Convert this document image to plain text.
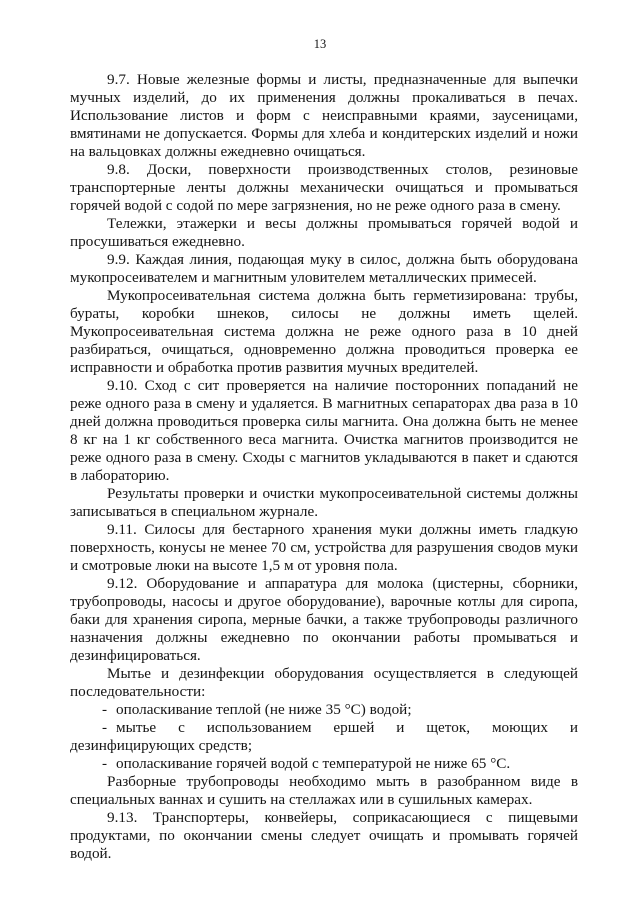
13

9.7. Новые железные формы и листы, предназначенные для выпечки мучных изделий, до их применения должны прокаливаться в печах. Использование листов и форм с неисправными краями, заусеницами, вмятинами не допускается. Формы для хлеба и кондитерских изделий и ножи на вальцовках должны ежедневно очищаться.

9.8. Доски, поверхности производственных столов, резиновые транспортерные ленты должны механически очищаться и промываться горячей водой с содой по мере загрязнения, но не реже одного раза в смену.

Тележки, этажерки и весы должны промываться горячей водой и просушиваться ежедневно.

9.9. Каждая линия, подающая муку в силос, должна быть оборудована мукопросеивателем и магнитным уловителем металлических примесей.

Мукопросеивательная система должна быть герметизирована: трубы, бураты, коробки шнеков, силосы не должны иметь щелей. Мукопросеивательная система должна не реже одного раза в 10 дней разбираться, очищаться, одновременно должна проводиться проверка ее исправности и обработка против развития мучных вредителей.

9.10. Сход с сит проверяется на наличие посторонних попаданий не реже одного раза в смену и удаляется. В магнитных сепараторах два раза в 10 дней должна проводиться проверка силы магнита. Она должна быть не менее 8 кг на 1 кг собственного веса магнита. Очистка магнитов производится не реже одного раза в смену. Сходы с магнитов укладываются в пакет и сдаются в лабораторию.

Результаты проверки и очистки мукопросеивательной системы должны записываться в специальном журнале.

9.11. Силосы для бестарного хранения муки должны иметь гладкую поверхность, конусы не менее 70 см, устройства для разрушения сводов муки и смотровые люки на высоте 1,5 м от уровня пола.

9.12. Оборудование и аппаратура для молока (цистерны, сборники, трубопроводы, насосы и другое оборудование), варочные котлы для сиропа, баки для хранения сиропа, мерные бачки, а также трубопроводы различного назначения должны ежедневно по окончании работы промываться и дезинфицироваться.

Мытье и дезинфекции оборудования осуществляется в следующей последовательности:

- ополаскивание теплой (не ниже 35 °С) водой;

- мытье с использованием ершей и щеток, моющих и дезинфицирующих средств;

- ополаскивание горячей водой с температурой не ниже 65 °С.

Разборные трубопроводы необходимо мыть в разобранном виде в специальных ваннах и сушить на стеллажах или в сушильных камерах.

9.13. Транспортеры, конвейеры, соприкасающиеся с пищевыми продуктами, по окончании смены следует очищать и промывать горячей водой.
